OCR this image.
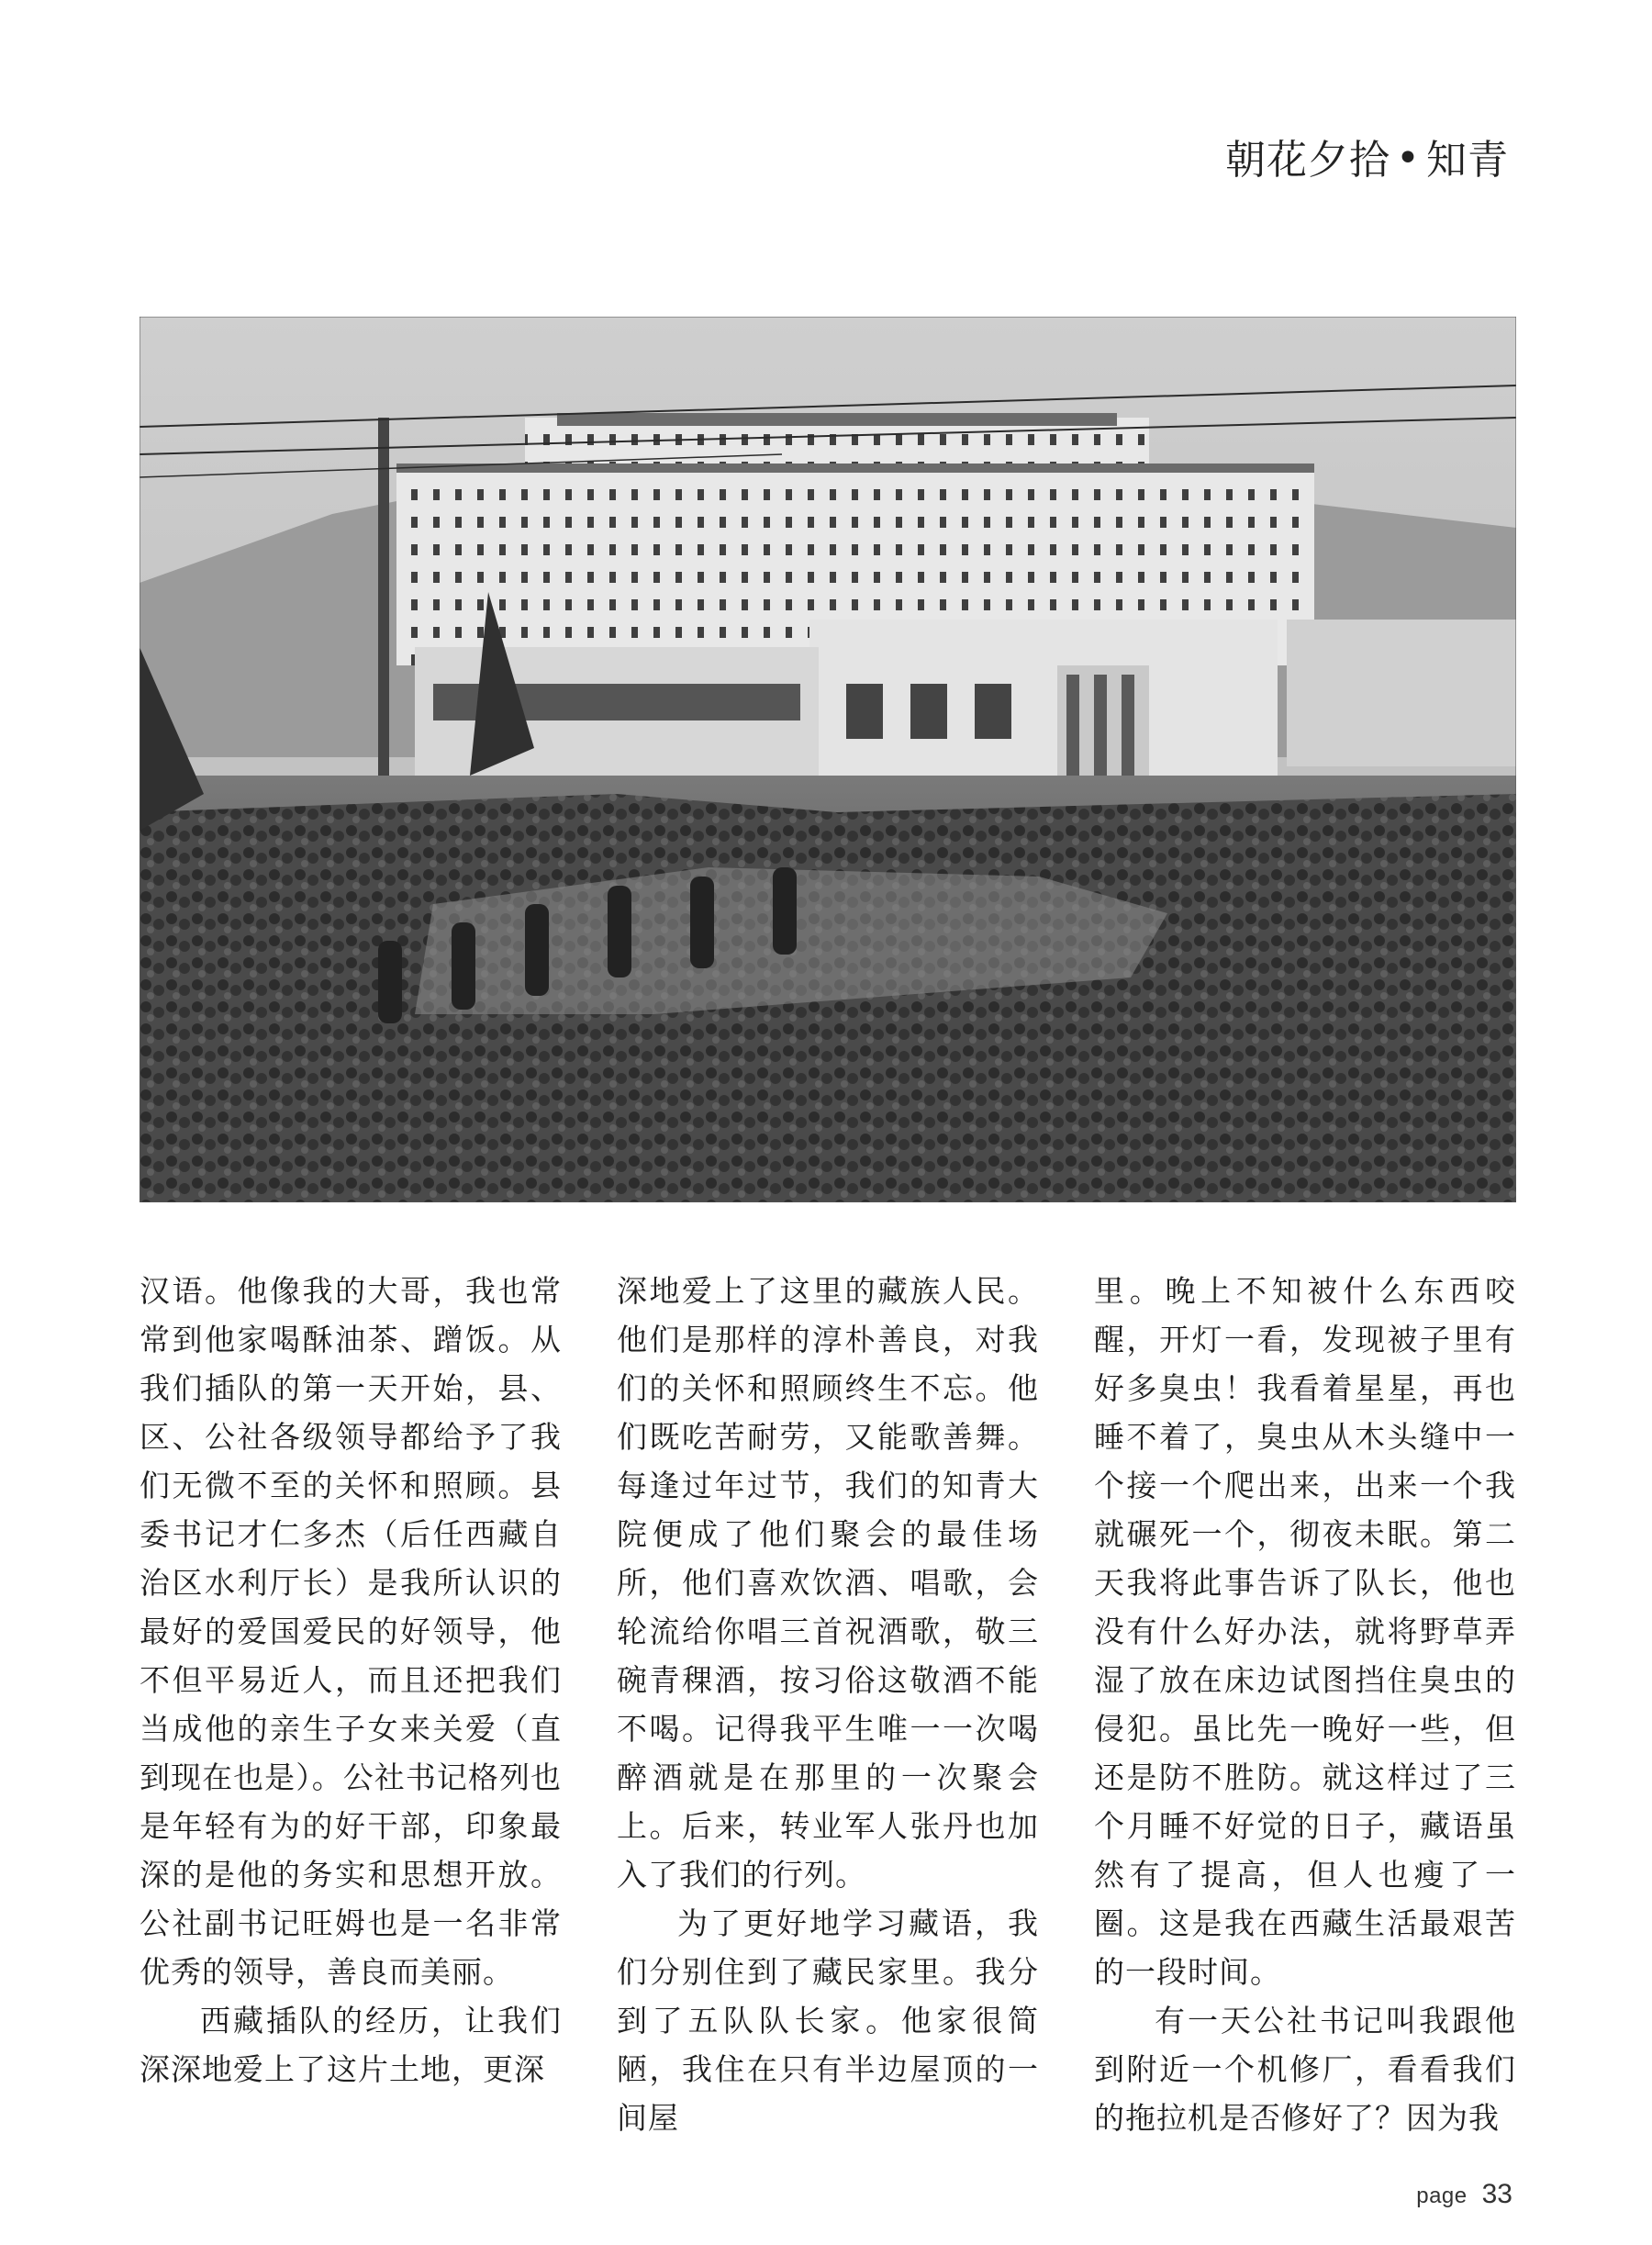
朝花夕拾 • 知青

汉语。他像我的大哥，我也常常到他家喝酥油茶、蹭饭。从我们插队的第一天开始，县、区、公社各级领导都给予了我们无微不至的关怀和照顾。县委书记才仁多杰（后任西藏自治区水利厅长）是我所认识的最好的爱国爱民的好领导，他不但平易近人，而且还把我们当成他的亲生子女来关爱（直到现在也是）。公社书记格列也是年轻有为的好干部，印象最深的是他的务实和思想开放。公社副书记旺姆也是一名非常优秀的领导，善良而美丽。

西藏插队的经历，让我们深深地爱上了这片土地，更深

深地爱上了这里的藏族人民。他们是那样的淳朴善良，对我们的关怀和照顾终生不忘。他们既吃苦耐劳，又能歌善舞。每逢过年过节，我们的知青大院便成了他们聚会的最佳场所，他们喜欢饮酒、唱歌，会轮流给你唱三首祝酒歌，敬三碗青稞酒，按习俗这敬酒不能不喝。记得我平生唯一一次喝醉酒就是在那里的一次聚会上。后来，转业军人张丹也加入了我们的行列。

为了更好地学习藏语，我们分别住到了藏民家里。我分到了五队队长家。他家很简陋，我住在只有半边屋顶的一间屋

里。晚上不知被什么东西咬醒，开灯一看，发现被子里有好多臭虫！我看着星星，再也睡不着了，臭虫从木头缝中一个接一个爬出来，出来一个我就碾死一个，彻夜未眠。第二天我将此事告诉了队长，他也没有什么好办法，就将野草弄湿了放在床边试图挡住臭虫的侵犯。虽比先一晚好一些，但还是防不胜防。就这样过了三个月睡不好觉的日子，藏语虽然有了提高，但人也瘦了一圈。这是我在西藏生活最艰苦的一段时间。

有一天公社书记叫我跟他到附近一个机修厂，看看我们的拖拉机是否修好了？因为我

page 33
